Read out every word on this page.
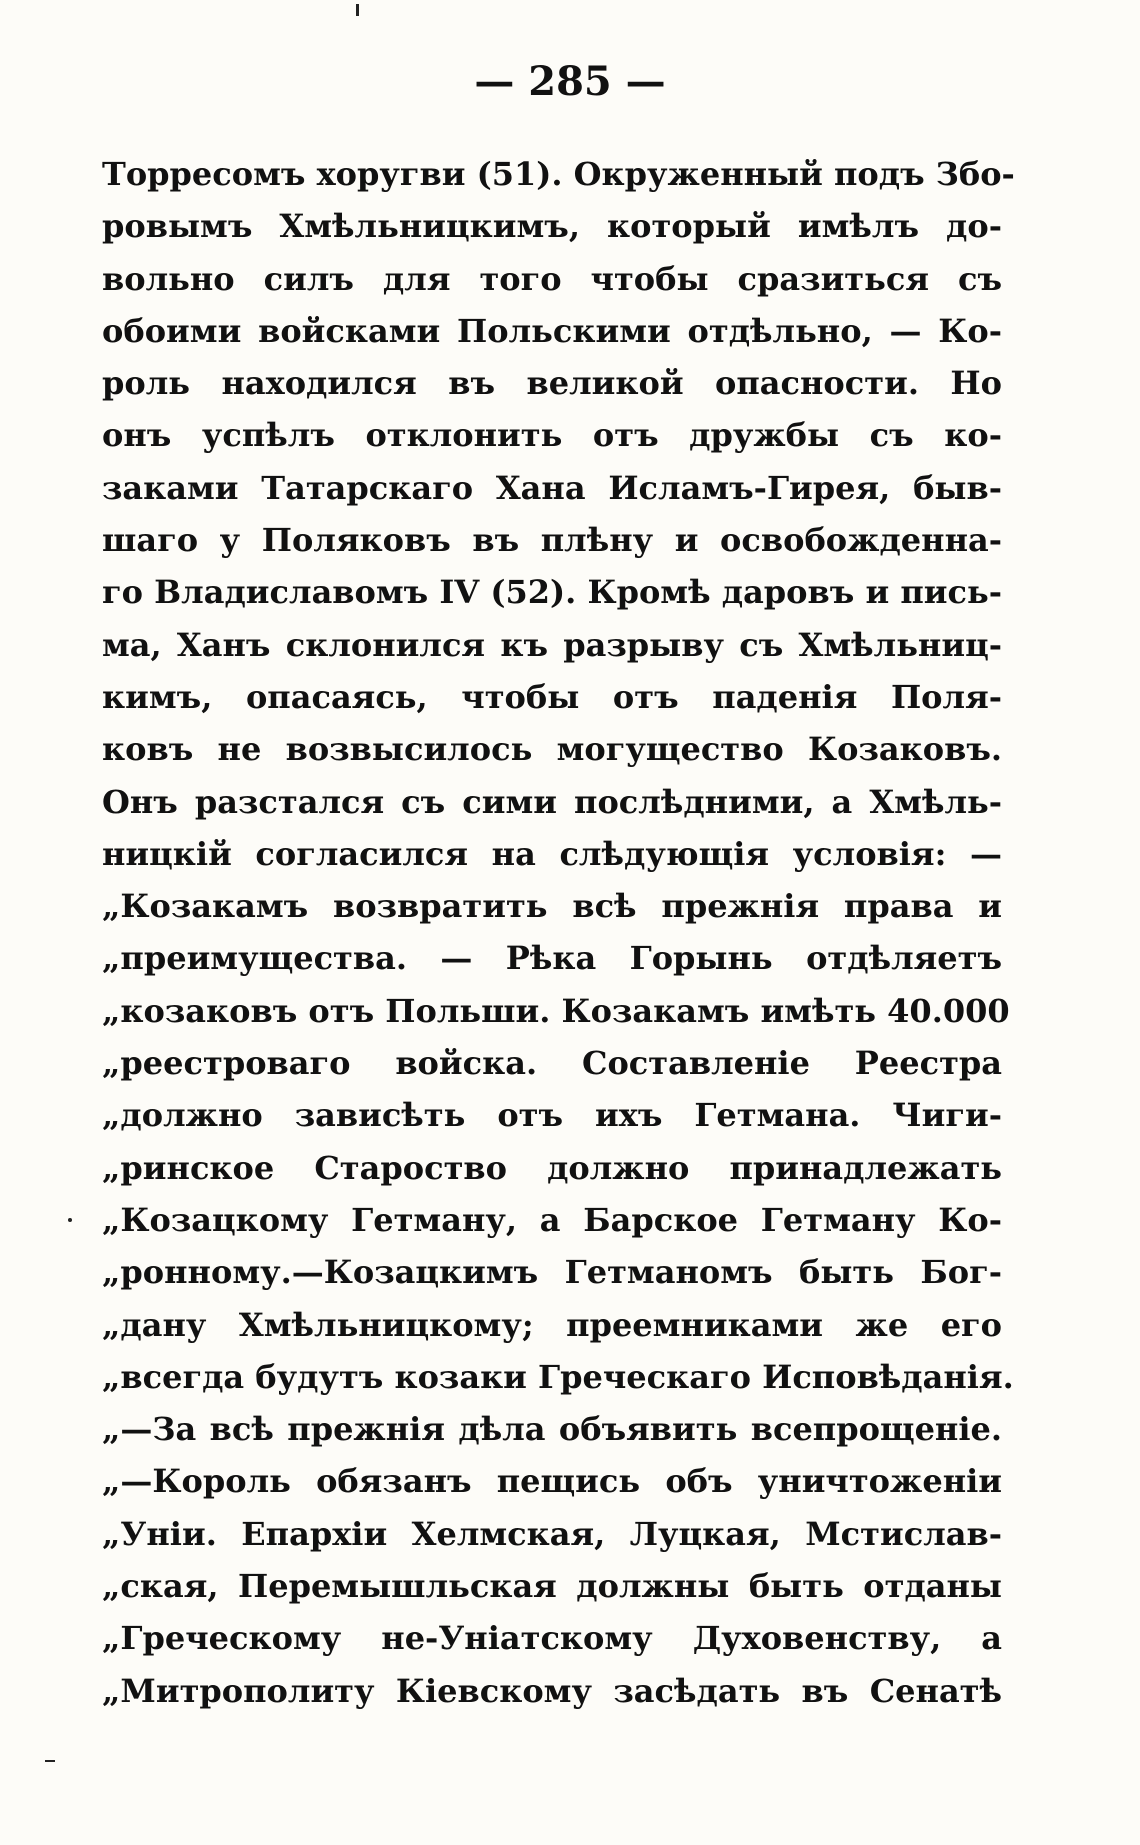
— 285 —
Торресомъ хоругви (51). Окруженный подъ Збо-
ровымъ Хмѣльницкимъ, который имѣлъ до-
вольно силъ для того чтобы сразиться съ
обоими войсками Польскими отдѣльно, — Ко-
роль находился въ великой опасности. Но
онъ успѣлъ отклонить отъ дружбы съ ко-
заками Татарскаго Хана Исламъ-Гирея, быв-
шаго у Поляковъ въ плѣну и освобожденна-
го Владиславомъ IV (52). Кромѣ даровъ и пись-
ма, Ханъ склонился къ разрыву съ Хмѣльниц-
кимъ, опасаясь, чтобы отъ паденія Поля-
ковъ не возвысилось могущество Козаковъ.
Онъ разстался съ сими послѣдними, а Хмѣль-
ницкій согласился на слѣдующія условія: —
„Козакамъ возвратить всѣ прежнія права и
„преимущества. — Рѣка Горынь отдѣляетъ
„козаковъ отъ Польши. Козакамъ имѣть 40.000
„реестроваго войска. Составленіе Реестра
„должно зависѣть отъ ихъ Гетмана. Чиги-
„ринское Староство должно принадлежать
„Козацкому Гетману, а Барское Гетману Ко-
„ронному.—Козацкимъ Гетманомъ быть Бог-
„дану Хмѣльницкому; преемниками же его
„всегда будутъ козаки Греческаго Исповѣданія.
„—За всѣ прежнія дѣла объявить всепрощеніе.
„—Король обязанъ пещись объ уничтоженіи
„Уніи. Епархіи Хелмская, Луцкая, Мстислав-
„ская, Перемышльская должны быть отданы
„Греческому не-Уніатскому Духовенству, а
„Митрополиту Кіевскому засѣдать въ Сенатѣ
